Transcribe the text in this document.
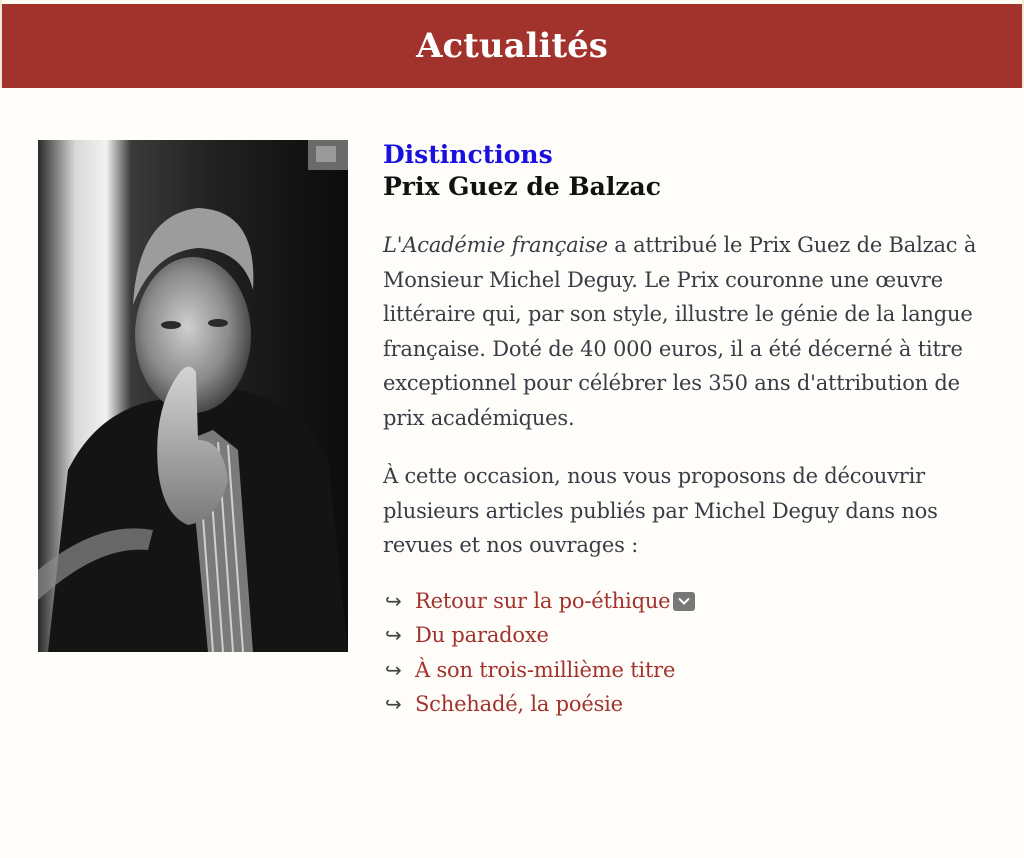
Actualités
Distinctions
Prix Guez de Balzac

L'Académie française a attribué le Prix Guez de Balzac à Monsieur Michel Deguy. Le Prix couronne une œuvre littéraire qui, par son style, illustre le génie de la langue française. Doté de 40 000 euros, il a été décerné à titre exceptionnel pour célébrer les 350 ans d'attribution de prix académiques.

À cette occasion, nous vous proposons de découvrir plusieurs articles publiés par Michel Deguy dans nos revues et nos ouvrages :

↪ Retour sur la po-éthique
↪ Du paradoxe
↪ À son trois-millième titre
↪ Schehadé, la poésie
